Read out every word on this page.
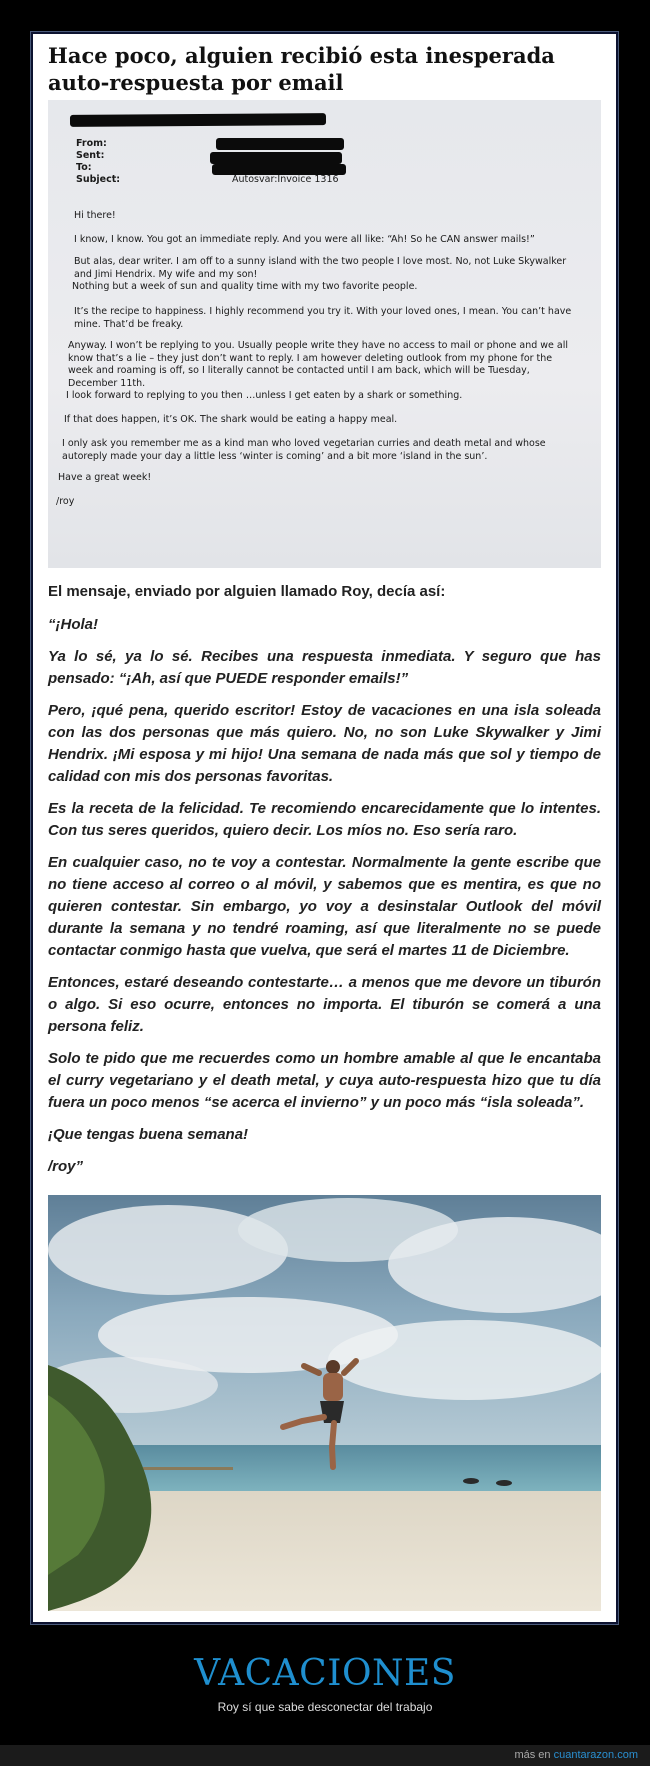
Hace poco, alguien recibió esta inesperada auto-respuesta por email
From:
Sent:
To:
Subject:	Autosvar:Invoice 1316

Hi there!

I know, I know. You got an immediate reply. And you were all like: “Ah! So he CAN answer mails!”

But alas, dear writer. I am off to a sunny island with the two people I love most. No, not Luke Skywalker and Jimi Hendrix. My wife and my son!

Nothing but a week of sun and quality time with my two favorite people.

It’s the recipe to happiness. I highly recommend you try it. With your loved ones, I mean. You can’t have mine. That’d be freaky.

Anyway. I won’t be replying to you. Usually people write they have no access to mail or phone and we all know that’s a lie – they just don’t want to reply. I am however deleting outlook from my phone for the week and roaming is off, so I literally cannot be contacted until I am back, which will be Tuesday, December 11th.

I look forward to replying to you then …unless I get eaten by a shark or something.

If that does happen, it’s OK. The shark would be eating a happy meal.

I only ask you remember me as a kind man who loved vegetarian curries and death metal and whose autoreply made your day a little less ‘winter is coming’ and a bit more ‘island in the sun’.

Have a great week!

/roy

El mensaje, enviado por alguien llamado Roy, decía así:

“¡Hola!

Ya lo sé, ya lo sé. Recibes una respuesta inmediata. Y seguro que has pensado: “¡Ah, así que PUEDE responder emails!”

Pero, ¡qué pena, querido escritor! Estoy de vacaciones en una isla soleada con las dos personas que más quiero. No, no son Luke Skywalker y Jimi Hendrix. ¡Mi esposa y mi hijo! Una semana de nada más que sol y tiempo de calidad con mis dos personas favoritas.

Es la receta de la felicidad. Te recomiendo encarecidamente que lo intentes. Con tus seres queridos, quiero decir. Los míos no. Eso sería raro.

En cualquier caso, no te voy a contestar. Normalmente la gente escribe que no tiene acceso al correo o al móvil, y sabemos que es mentira, es que no quieren contestar. Sin embargo, yo voy a desinstalar Outlook del móvil durante la semana y no tendré roaming, así que literalmente no se puede contactar conmigo hasta que vuelva, que será el martes 11 de Diciembre.

Entonces, estaré deseando contestarte… a menos que me devore un tiburón o algo. Si eso ocurre, entonces no importa. El tiburón se comerá a una persona feliz.

Solo te pido que me recuerdes como un hombre amable al que le encantaba el curry vegetariano y el death metal, y cuya auto-respuesta hizo que tu día fuera un poco menos “se acerca el invierno” y un poco más “isla soleada”.

¡Que tengas buena semana!

/roy”

VACACIONES
Roy sí que sabe desconectar del trabajo
más en cuantarazon.com
